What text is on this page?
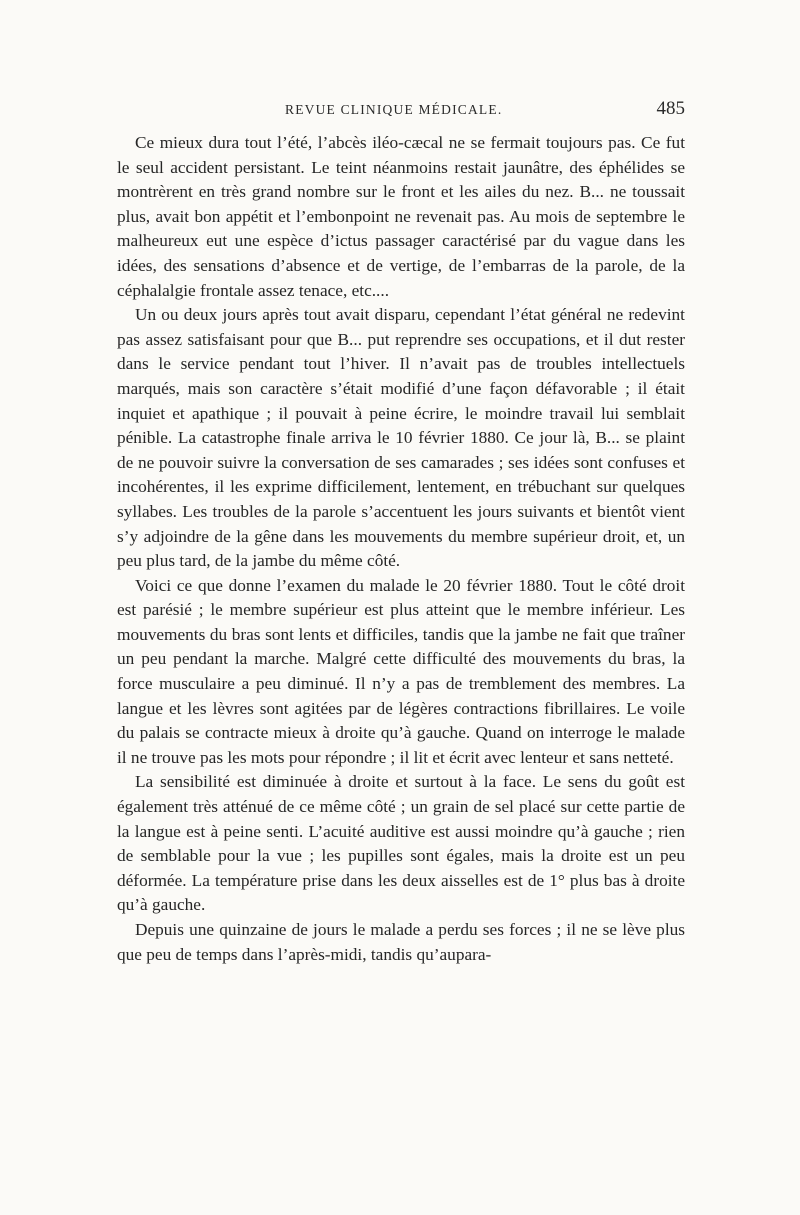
REVUE CLINIQUE MÉDICALE.	485

Ce mieux dura tout l’été, l’abcès iléo-cæcal ne se fermait toujours pas. Ce fut le seul accident persistant. Le teint néanmoins restait jaunâtre, des éphélides se montrèrent en très grand nombre sur le front et les ailes du nez. B... ne toussait plus, avait bon appétit et l’embonpoint ne revenait pas. Au mois de septembre le malheureux eut une espèce d’ictus passager caractérisé par du vague dans les idées, des sensations d’absence et de vertige, de l’embarras de la parole, de la céphalalgie frontale assez tenace, etc....

Un ou deux jours après tout avait disparu, cependant l’état général ne redevint pas assez satisfaisant pour que B... put reprendre ses occupations, et il dut rester dans le service pendant tout l’hiver. Il n’avait pas de troubles intellectuels marqués, mais son caractère s’était modifié d’une façon défavorable ; il était inquiet et apathique ; il pouvait à peine écrire, le moindre travail lui semblait pénible. La catastrophe finale arriva le 10 février 1880. Ce jour là, B... se plaint de ne pouvoir suivre la conversation de ses camarades ; ses idées sont confuses et incohérentes, il les exprime difficilement, lentement, en trébuchant sur quelques syllabes. Les troubles de la parole s’accentuent les jours suivants et bientôt vient s’y adjoindre de la gêne dans les mouvements du membre supérieur droit, et, un peu plus tard, de la jambe du même côté.

Voici ce que donne l’examen du malade le 20 février 1880. Tout le côté droit est parésié ; le membre supérieur est plus atteint que le membre inférieur. Les mouvements du bras sont lents et difficiles, tandis que la jambe ne fait que traîner un peu pendant la marche. Malgré cette difficulté des mouvements du bras, la force musculaire a peu diminué. Il n’y a pas de tremblement des membres. La langue et les lèvres sont agitées par de légères contractions fibrillaires. Le voile du palais se contracte mieux à droite qu’à gauche. Quand on interroge le malade il ne trouve pas les mots pour répondre ; il lit et écrit avec lenteur et sans netteté.

La sensibilité est diminuée à droite et surtout à la face. Le sens du goût est également très atténué de ce même côté ; un grain de sel placé sur cette partie de la langue est à peine senti. L’acuité auditive est aussi moindre qu’à gauche ; rien de semblable pour la vue ; les pupilles sont égales, mais la droite est un peu déformée. La température prise dans les deux aisselles est de 1° plus bas à droite qu’à gauche.

Depuis une quinzaine de jours le malade a perdu ses forces ; il ne se lève plus que peu de temps dans l’après-midi, tandis qu’aupara-
